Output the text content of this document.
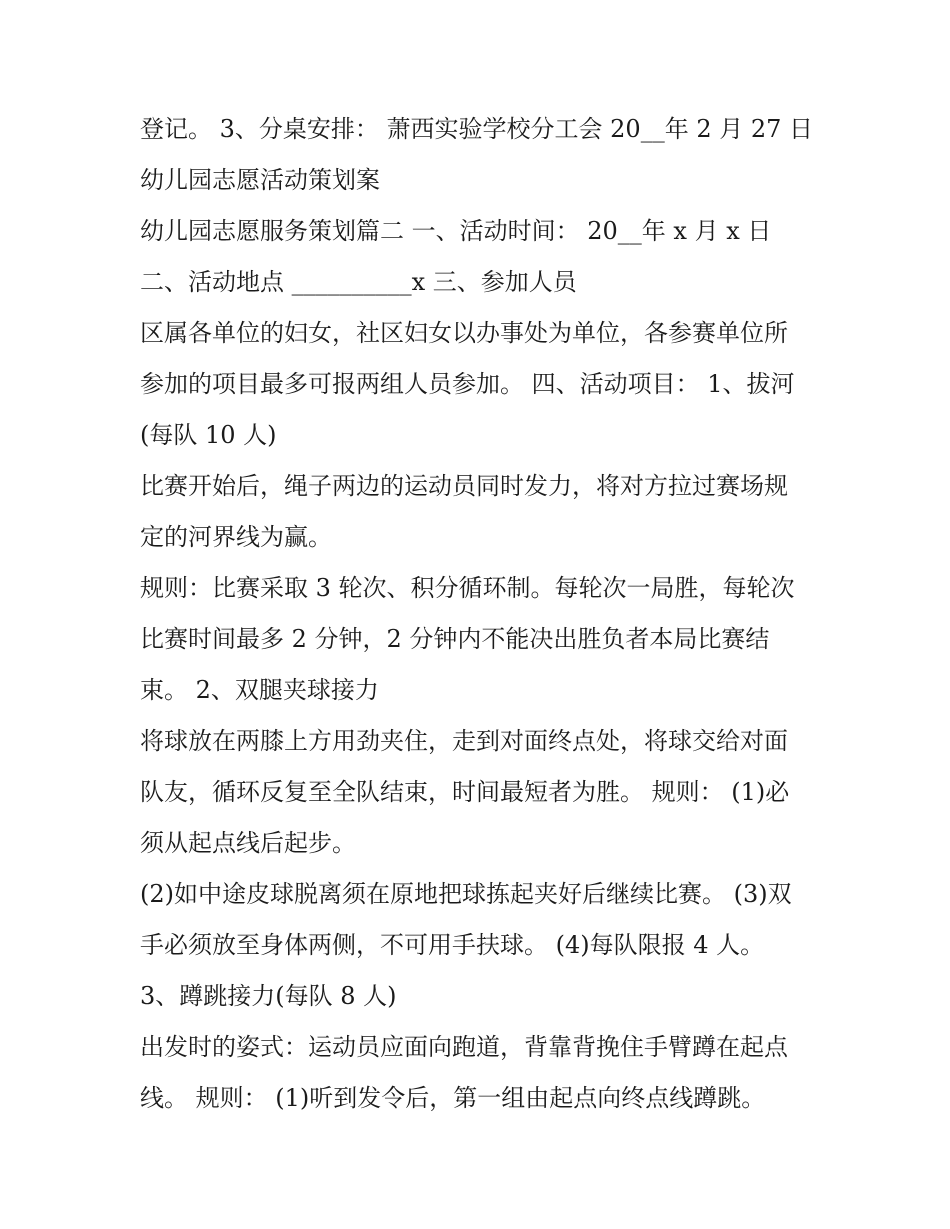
登记。 3、分桌安排： 萧西实验学校分工会 20__年 2 月 27 日
幼儿园志愿活动策划案
幼儿园志愿服务策划篇二 一、活动时间： 20__年 x 月 x 日
二、活动地点 __________x 三、参加人员
区属各单位的妇女，社区妇女以办事处为单位，各参赛单位所
参加的项目最多可报两组人员参加。 四、活动项目： 1、拔河
(每队 10 人)
比赛开始后，绳子两边的运动员同时发力，将对方拉过赛场规
定的河界线为赢。
规则：比赛采取 3 轮次、积分循环制。每轮次一局胜，每轮次
比赛时间最多 2 分钟，2 分钟内不能决出胜负者本局比赛结
束。 2、双腿夹球接力
将球放在两膝上方用劲夹住，走到对面终点处，将球交给对面
队友，循环反复至全队结束，时间最短者为胜。 规则： (1)必
须从起点线后起步。
(2)如中途皮球脱离须在原地把球拣起夹好后继续比赛。 (3)双
手必须放至身体两侧，不可用手扶球。 (4)每队限报 4 人。
3、蹲跳接力(每队 8 人)
出发时的姿式：运动员应面向跑道，背靠背挽住手臂蹲在起点
线。 规则： (1)听到发令后，第一组由起点向终点线蹲跳。
